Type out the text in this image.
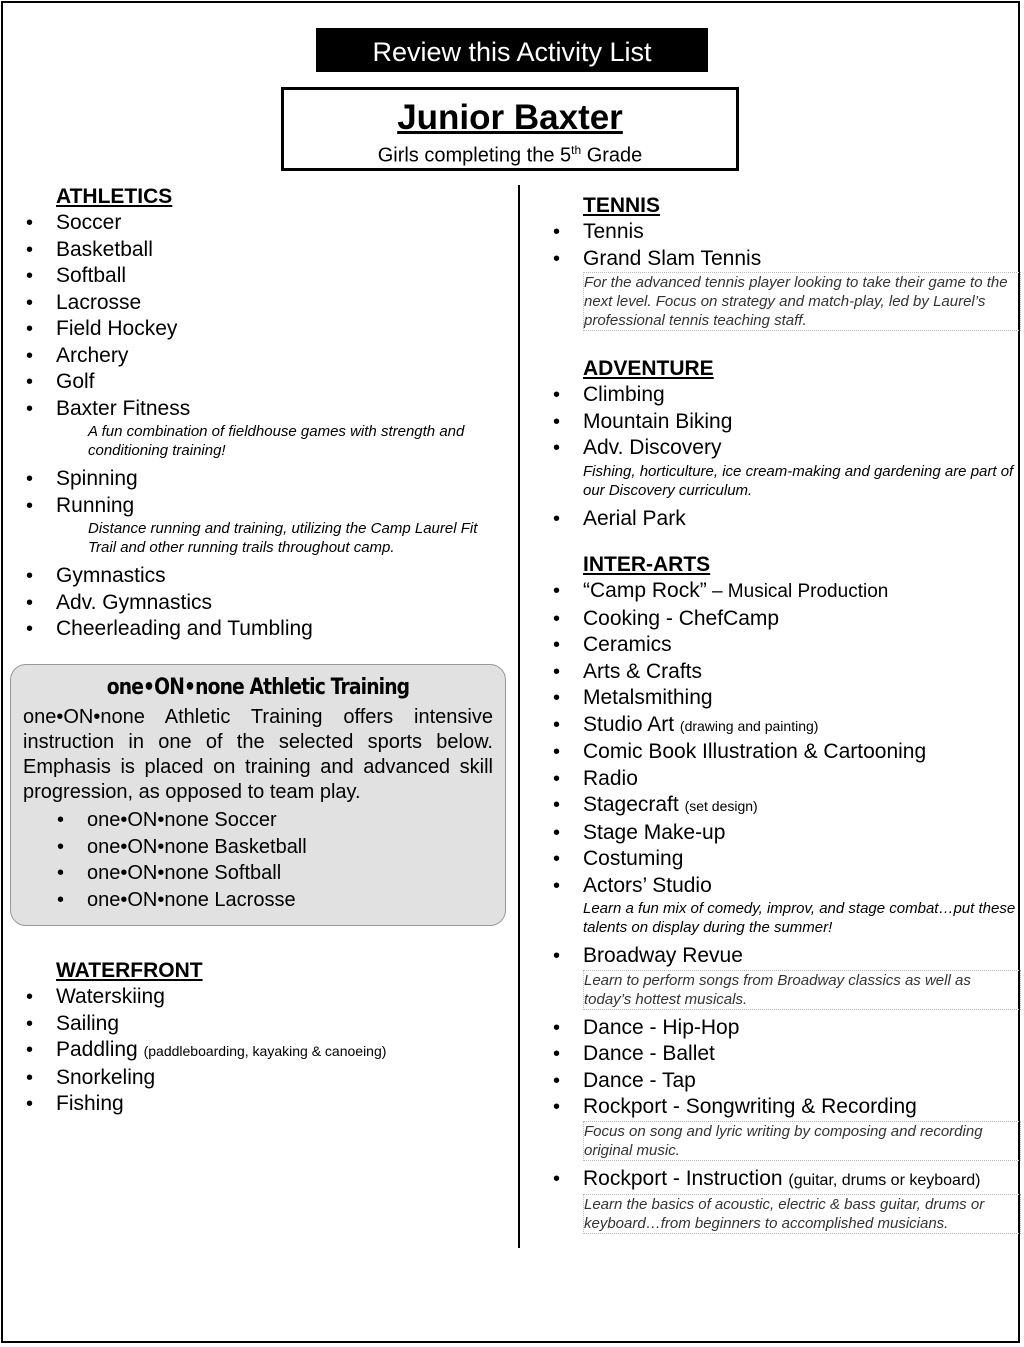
Review this Activity List
Junior Baxter
Girls completing the 5th Grade
ATHLETICS
• Soccer
• Basketball
• Softball
• Lacrosse
• Field Hockey
• Archery
• Golf
• Baxter Fitness
A fun combination of fieldhouse games with strength and conditioning training!
• Spinning
• Running
Distance running and training, utilizing the Camp Laurel Fit Trail and other running trails throughout camp.
• Gymnastics
• Adv. Gymnastics
• Cheerleading and Tumbling
one•ON•none Athletic Training
one•ON•none Athletic Training offers intensive instruction in one of the selected sports below. Emphasis is placed on training and advanced skill progression, as opposed to team play.
• one•ON•none Soccer
• one•ON•none Basketball
• one•ON•none Softball
• one•ON•none Lacrosse
WATERFRONT
• Waterskiing
• Sailing
• Paddling (paddleboarding, kayaking & canoeing)
• Snorkeling
• Fishing
TENNIS
• Tennis
• Grand Slam Tennis
For the advanced tennis player looking to take their game to the next level. Focus on strategy and match-play, led by Laurel’s professional tennis teaching staff.
ADVENTURE
• Climbing
• Mountain Biking
• Adv. Discovery
Fishing, horticulture, ice cream-making and gardening are part of our Discovery curriculum.
• Aerial Park
INTER-ARTS
• “Camp Rock” – Musical Production
• Cooking - ChefCamp
• Ceramics
• Arts & Crafts
• Metalsmithing
• Studio Art (drawing and painting)
• Comic Book Illustration & Cartooning
• Radio
• Stagecraft (set design)
• Stage Make-up
• Costuming
• Actors’ Studio
Learn a fun mix of comedy, improv, and stage combat…put these talents on display during the summer!
• Broadway Revue
Learn to perform songs from Broadway classics as well as today’s hottest musicals.
• Dance - Hip-Hop
• Dance - Ballet
• Dance - Tap
• Rockport - Songwriting & Recording
Focus on song and lyric writing by composing and recording original music.
• Rockport - Instruction (guitar, drums or keyboard)
Learn the basics of acoustic, electric & bass guitar, drums or keyboard…from beginners to accomplished musicians.
